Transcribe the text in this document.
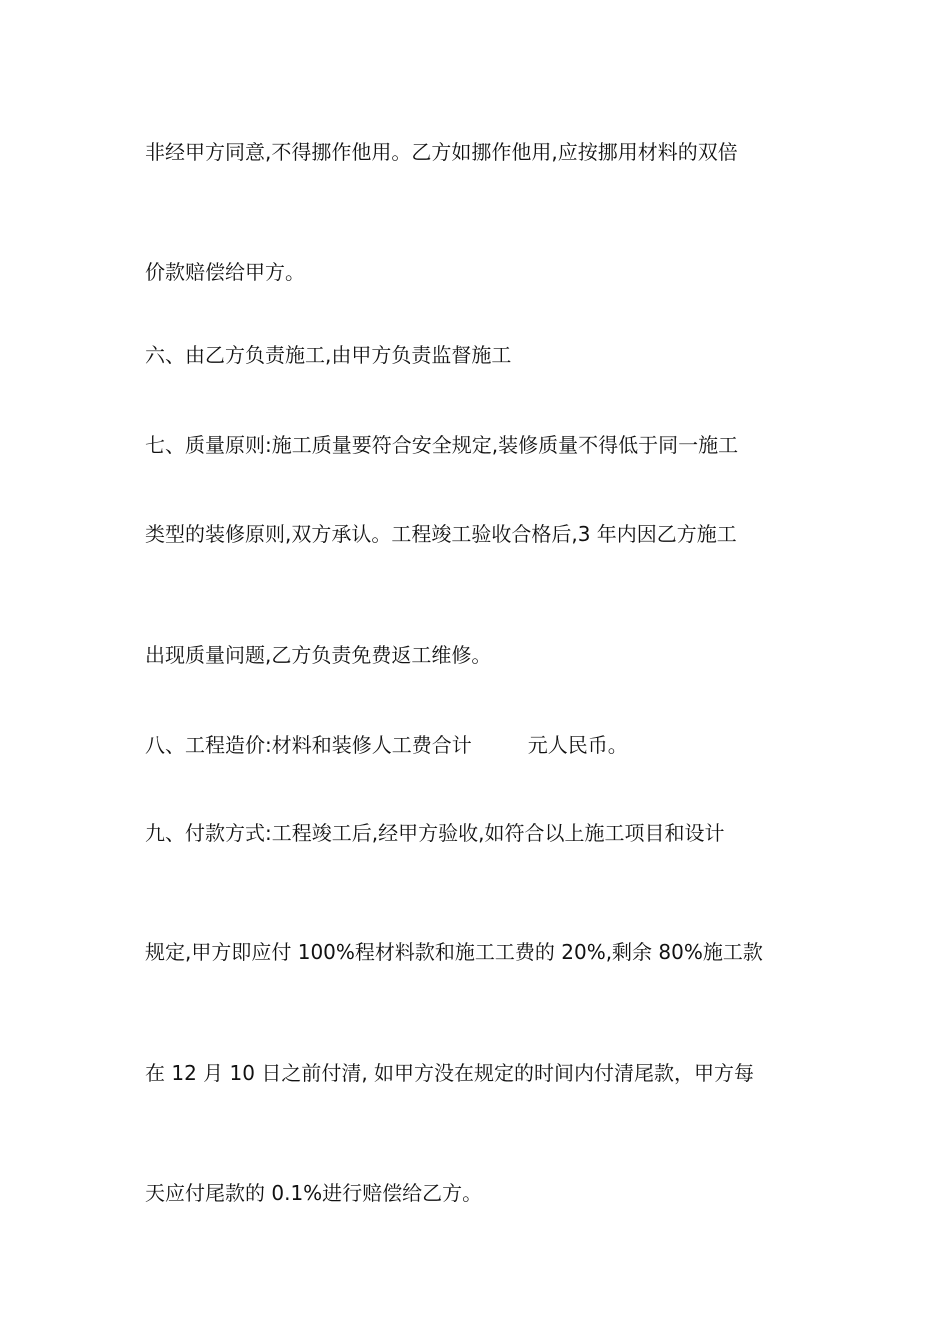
非经甲方同意,不得挪作他用。乙方如挪作他用,应按挪用材料的双倍
价款赔偿给甲方。
六、由乙方负责施工,由甲方负责监督施工
七、质量原则:施工质量要符合安全规定,装修质量不得低于同一施工
类型的装修原则,双方承认。工程竣工验收合格后,3 年内因乙方施工
出现质量问题,乙方负责免费返工维修。
八、工程造价:材料和装修人工费合计	元人民币。
九、付款方式:工程竣工后,经甲方验收,如符合以上施工项目和设计
规定,甲方即应付 100%程材料款和施工工费的 20%,剩余 80%施工款
在 12 月 10 日之前付清, 如甲方没在规定的时间内付清尾款，甲方每
天应付尾款的 0.1%进行赔偿给乙方。
